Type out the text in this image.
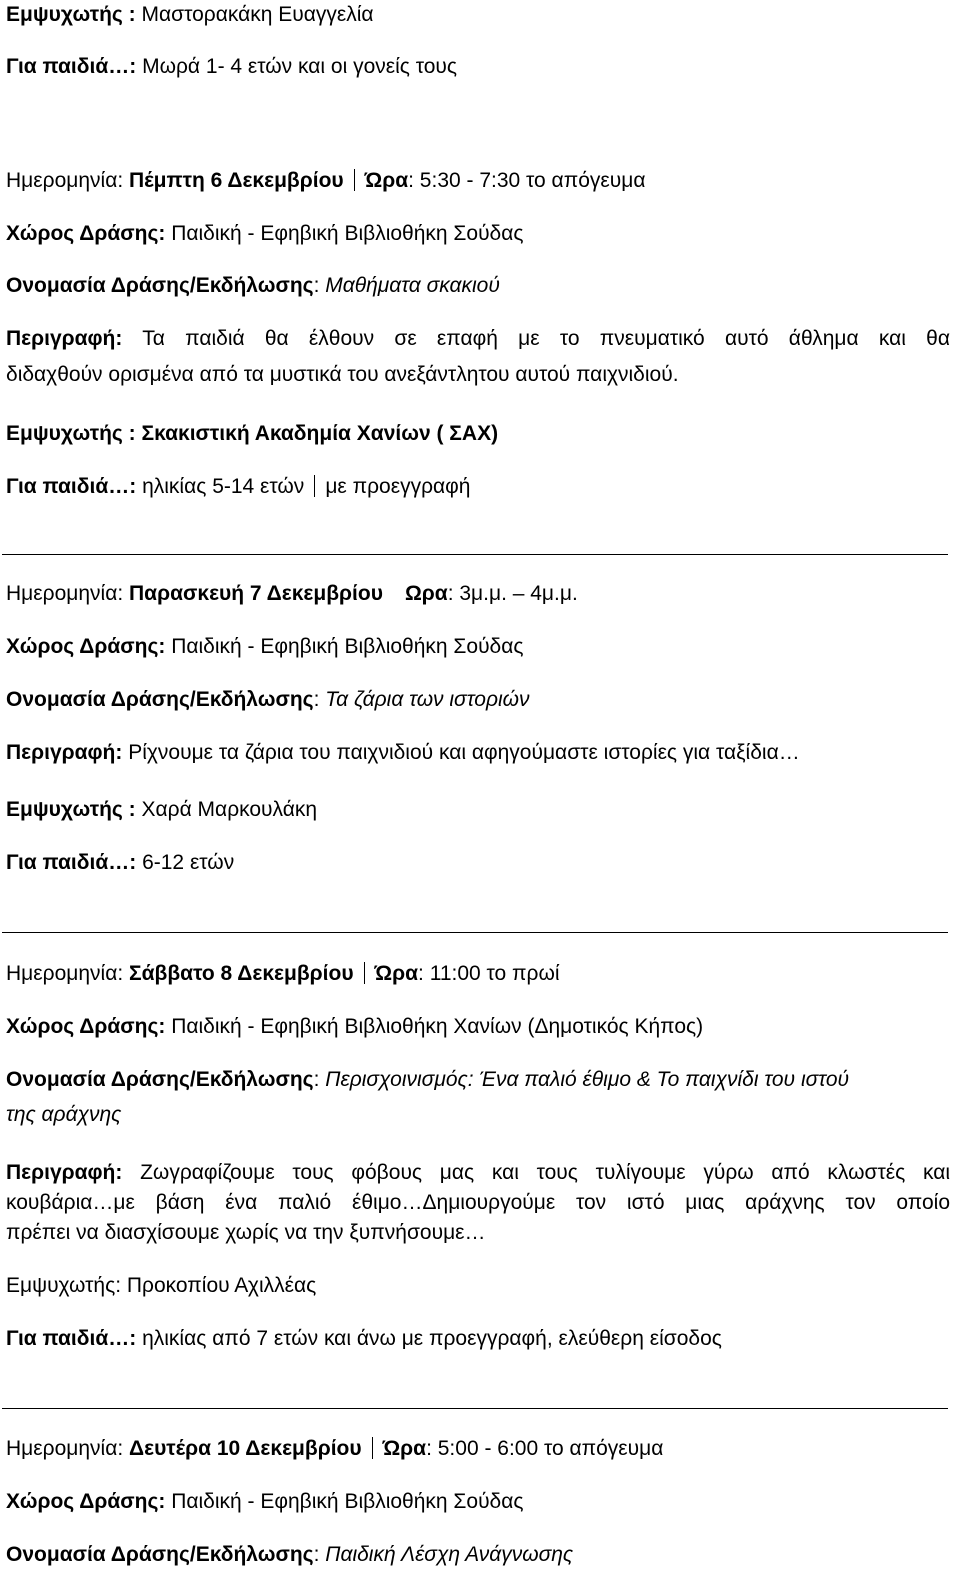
Εμψυχωτής : Μαστορακάκη Ευαγγελία
Για παιδιά…: Μωρά 1- 4 ετών και οι γονείς τους
Ημερομηνία: Πέμπτη 6 Δεκεμβρίου Ώρα: 5:30 - 7:30 το απόγευμα
Χώρος Δράσης: Παιδική - Εφηβική Βιβλιοθήκη Σούδας
Ονομασία Δράσης/Εκδήλωσης: Μαθήματα σκακιού
Περιγραφή: Τα παιδιά θα έλθουν σε επαφή με το πνευματικό αυτό άθλημα και θα
διδαχθούν ορισμένα από τα μυστικά του ανεξάντλητου αυτού παιχνιδιού.
Εμψυχωτής : Σκακιστική Ακαδημία Χανίων ( ΣΑΧ)
Για παιδιά…: ηλικίας 5-14 ετών με προεγγραφή
Ημερομηνία: Παρασκευή 7 Δεκεμβρίου Ωρα: 3μ.μ. – 4μ.μ.
Χώρος Δράσης: Παιδική - Εφηβική Βιβλιοθήκη Σούδας
Ονομασία Δράσης/Εκδήλωσης: Τα ζάρια των ιστοριών
Περιγραφή: Ρίχνουμε τα ζάρια του παιχνιδιού και αφηγούμαστε ιστορίες για ταξίδια…
Εμψυχωτής : Χαρά Μαρκουλάκη
Για παιδιά…: 6-12 ετών
Ημερομηνία: Σάββατο 8 Δεκεμβρίου Ώρα: 11:00 το πρωί
Χώρος Δράσης: Παιδική - Εφηβική Βιβλιοθήκη Χανίων (Δημοτικός Κήπος)
Ονομασία Δράσης/Εκδήλωσης: Περισχοινισμός: Ένα παλιό έθιμο & Το παιχνίδι του ιστού
της αράχνης
Περιγραφή: Ζωγραφίζουμε τους φόβους μας και τους τυλίγουμε γύρω από κλωστές και
κουβάρια…με βάση ένα παλιό έθιμο…Δημιουργούμε τον ιστό μιας αράχνης τον οποίο
πρέπει να διασχίσουμε χωρίς να την ξυπνήσουμε…
Εμψυχωτής: Προκοπίου Αχιλλέας
Για παιδιά…: ηλικίας από 7 ετών και άνω με προεγγραφή, ελεύθερη είσοδος
Ημερομηνία: Δευτέρα 10 Δεκεμβρίου Ώρα: 5:00 - 6:00 το απόγευμα
Χώρος Δράσης: Παιδική - Εφηβική Βιβλιοθήκη Σούδας
Ονομασία Δράσης/Εκδήλωσης: Παιδική Λέσχη Ανάγνωσης
